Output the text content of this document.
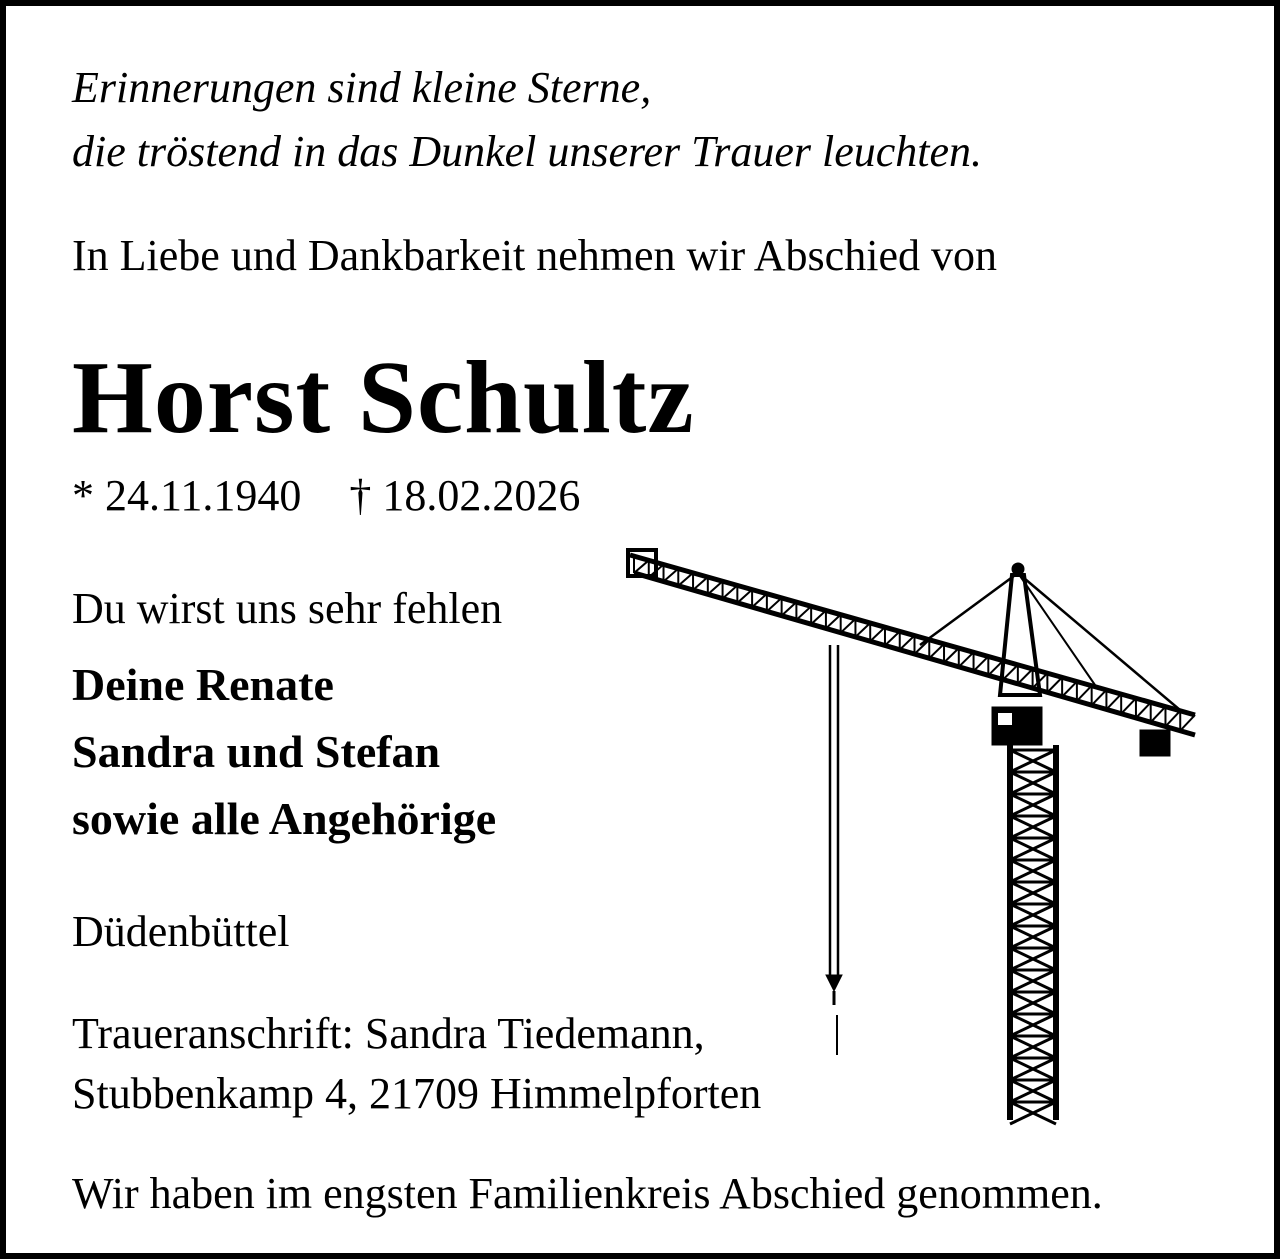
Erinnerungen sind kleine Sterne,
die tröstend in das Dunkel unserer Trauer leuchten.
In Liebe und Dankbarkeit nehmen wir Abschied von
Horst Schultz
* 24.11.1940 † 18.02.2026
Du wirst uns sehr fehlen
Deine Renate
Sandra und Stefan
sowie alle Angehörige
Düdenbüttel
Traueranschrift: Sandra Tiedemann,
Stubbenkamp 4, 21709 Himmelpforten
Wir haben im engsten Familienkreis Abschied genommen.
